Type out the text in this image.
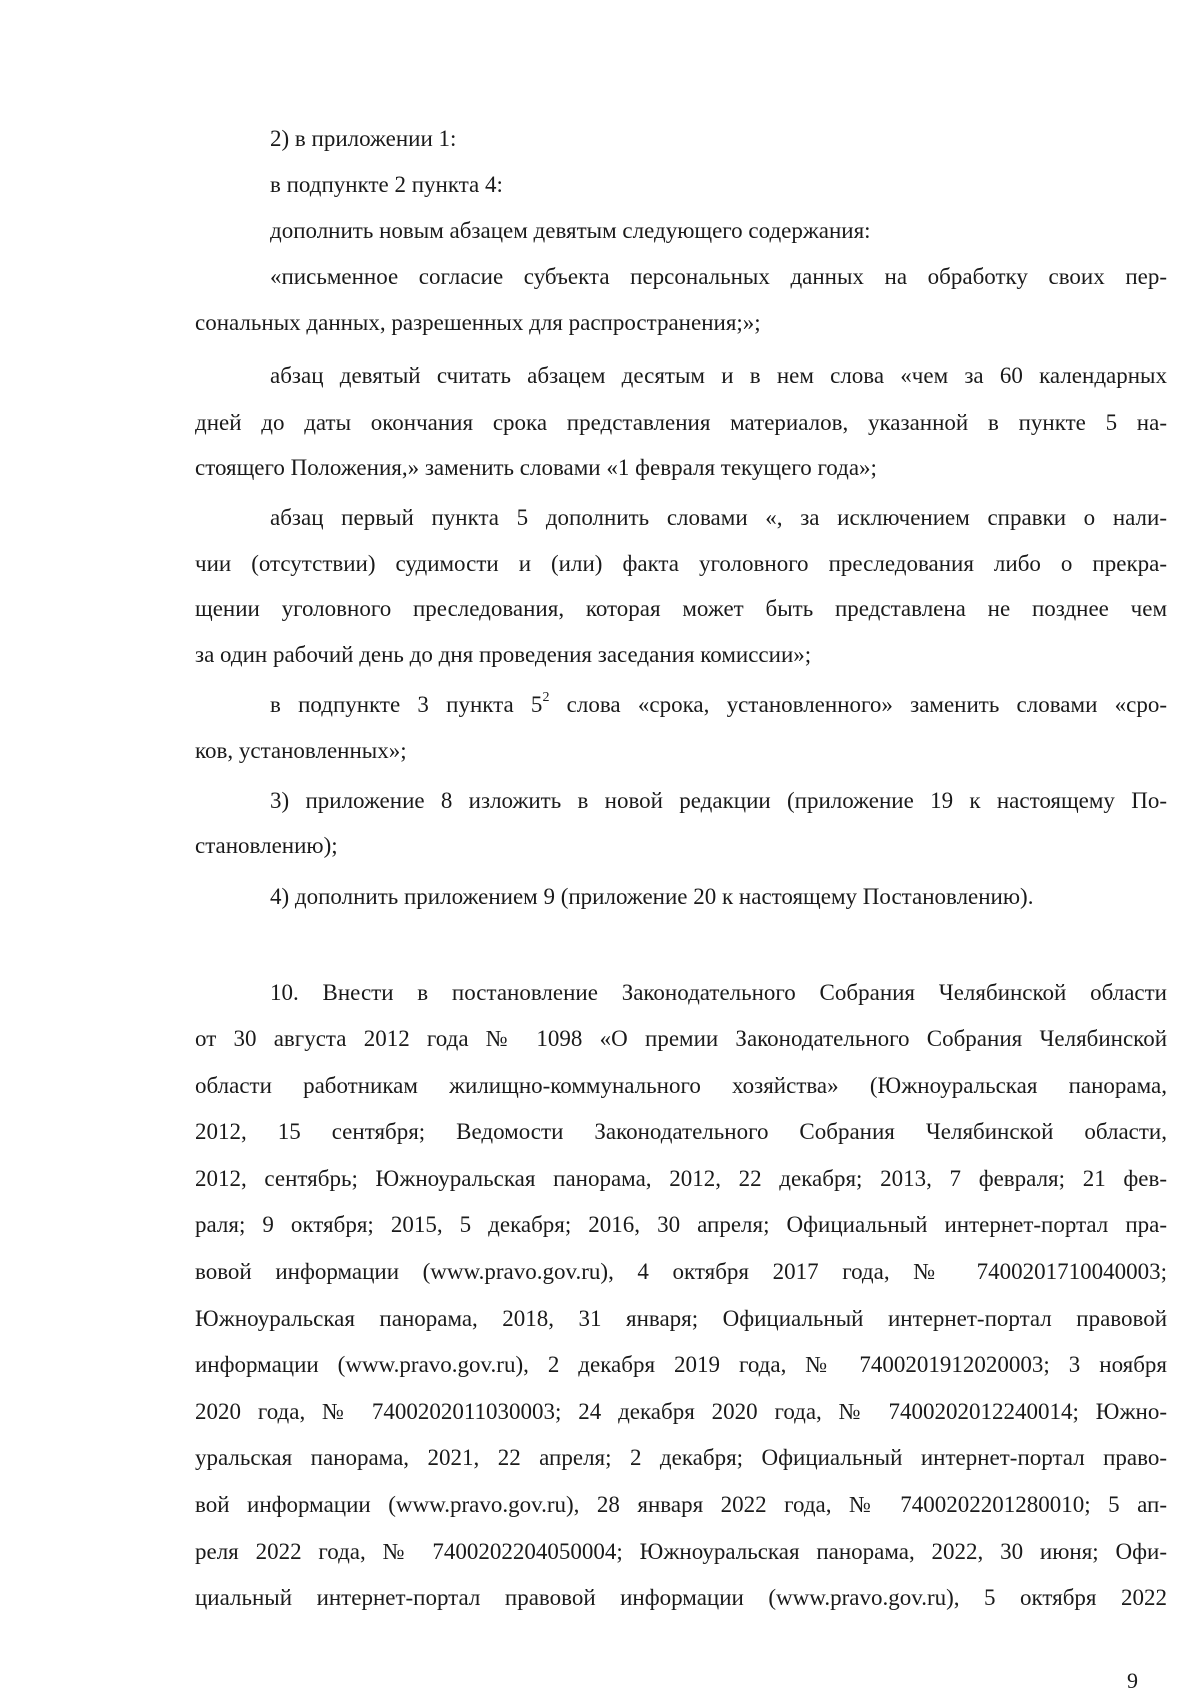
2) в приложении 1:
в подпункте 2 пункта 4:
дополнить новым абзацем девятым следующего содержания:
«письменное согласие субъекта персональных данных на обработку своих пер-
сональных данных, разрешенных для распространения;»;
абзац девятый считать абзацем десятым и в нем слова «чем за 60 календарных
дней до даты окончания срока представления материалов, указанной в пункте 5 на-
стоящего Положения,» заменить словами «1 февраля текущего года»;
абзац первый пункта 5 дополнить словами «, за исключением справки о нали-
чии (отсутствии) судимости и (или) факта уголовного преследования либо о прекра-
щении уголовного преследования, которая может быть представлена не позднее чем
за один рабочий день до дня проведения заседания комиссии»;
в подпункте 3 пункта $5^2$ слова «срока, установленного» заменить словами «сро-
ков, установленных»;
3) приложение 8 изложить в новой редакции (приложение 19 к настоящему По-
становлению);
4) дополнить приложением 9 (приложение 20 к настоящему Постановлению).
10. Внести в постановление Законодательного Собрания Челябинской области
от 30 августа 2012 года № 1098 «О премии Законодательного Собрания Челябинской
области работникам жилищно-коммунального хозяйства» (Южноуральская панорама,
2012, 15 сентября; Ведомости Законодательного Собрания Челябинской области,
2012, сентябрь; Южноуральская панорама, 2012, 22 декабря; 2013, 7 февраля; 21 фев-
раля; 9 октября; 2015, 5 декабря; 2016, 30 апреля; Официальный интернет-портал пра-
вовой информации (www.pravo.gov.ru), 4 октября 2017 года, № 7400201710040003;
Южноуральская панорама, 2018, 31 января; Официальный интернет-портал правовой
информации (www.pravo.gov.ru), 2 декабря 2019 года, № 7400201912020003; 3 ноября
2020 года, № 7400202011030003; 24 декабря 2020 года, № 7400202012240014; Южно-
уральская панорама, 2021, 22 апреля; 2 декабря; Официальный интернет-портал право-
вой информации (www.pravo.gov.ru), 28 января 2022 года, № 7400202201280010; 5 ап-
реля 2022 года, № 7400202204050004; Южноуральская панорама, 2022, 30 июня; Офи-
циальный интернет-портал правовой информации (www.pravo.gov.ru), 5 октября 2022
9
